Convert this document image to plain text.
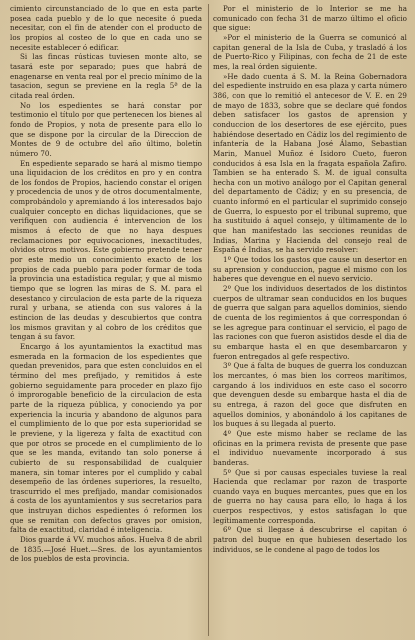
cimiento circunstanciado de lo que en esta parte posea cada pueblo y de lo que necesite ó pueda necesitar, con el fin de atender con el producto de los propios al costeo de lo que en cada uno se necesite establecer ó edificar.

Si las fincas rústicas tuviesen monte alto, se tasará este por separado; pues que habrá de enagenarse en venta real por el precio mínimo de la tasacion, segun se previene en la regla 5ª de la citada real órden.

No los espedientes se hará constar por testimonio el título por que pertenecen los bienes al fondo de Propios, y nota de presente para ello lo que se dispone por la circular de la Direccion de Montes de 9 de octubre del año último, boletín número 70.

En espediente separado se hará al mismo tiempo una liquidacion de los créditos en pro y en contra de los fondos de Propios, haciendo constar el origen y procedencia de unos y de otros documentalmente, comprobándolo y apremiando á los interesados bajo cualquier concepto en dichas liquidaciones, que se verifiquen con audiencia é intervencion de los mismos á efecto de que no haya despues reclamaciones por equivocaciones, inexactitudes, olvidos otros motivos. Este gobierno pretende tener por este medio un conocimiento exacto de los propios de cada pueblo para poder formar de toda la provincia una estadística regular, y que al mismo tiempo que se logren las miras de S. M. para el desestanco y circulacion de esta parte de la riqueza rural y urbana, se atienda con sus valores á la estincion de las deudas y descubiertos que contra los mismos gravitan y al cobro de los créditos que tengan á su favor.

Encargo á los ayuntamientos la exactitud mas esmerada en la formacion de los espedientes que quedan prevenidos, para que esten concluidos en el término del mes prefijado, y remitidos á este gobierno seguidamente para proceder en plazo fijo ó improrogable beneficio de la circulacion de esta parte de la riqueza pública, y conociendo ya por experiencia la incuria y abandono de algunos para el cumplimiento de lo que por esta superioridad se le previene, y la ligereza y falta de exactitud con que por otros se procede en el cumplimiento de lo que se les manda, evitando tan solo ponerse á cubierto de su responsabilidad de cualquier manera, sin tomar interes por el cumplido y cabal desempeño de las órdenes superiores, la resuelto, trascurrido el mes prefijado, mandar comisionados á costa de los ayuntamientos y sus secretarios para que instruyan dichos espedientes ó reformen los que se remitan con defectos graves por omision, falta de exactitud, claridad é inteligencia.

Dios guarde á VV. muchos años. Huelva 8 de abril de 1835.—José Huet.—Sres. de los ayuntamientos de los pueblos de esta provincia.

Por el ministerio de lo Interior se me ha comunicado con fecha 31 de marzo último el oficio que sigue:

»Por el ministerio de la Guerra se comunicó al capitan general de la Isla de Cuba, y trasladó á los de Puerto-Rico y Filipinas, con fecha de 21 de este mes, la real órden siguiente.

»He dado cuenta á S. M. la Reina Gobernadora del espediente instruido en esa plaza y carta número 386, con que lo remitió el antecesor de V. E. en 29 de mayo de 1833, sobre que se declare qué fondos deben satisfacer los gastos de aprension y conduccion de los desertores de ese ejército, pues habiéndose desertado en Cádiz los del regimiento de infantería de la Habana José Álamo, Sebastian Marin, Manuel Muñoz é Isidoro Cueto, fueron conducidos á esa Isla en la fragata española Zafiro. Tambien se ha enterado S. M. de igual consulta hecha con un motivo análogo por el Capitan general del departamento de Cádiz; y en su presencia, de cuanto informó en el particular el suprimido consejo de Guerra, lo espuesto por el tribunal supremo, que ha sustituido á aquel consejo, y últimamente de lo que han manifestado las secciones reunidas de Indias, Marina y Hacienda del consejo real de España é Indias, se ha servido resolver:

1º Que todos los gastos que cause un desertor en su aprension y conduccion, pague el mismo con los haberes que devengue en el nuevo servicio.

2º Que los individuos desertados de los distintos cuerpos de ultramar sean conducidos en los buques de guerra que salgan para aquellos dominios, siendo de cuenta de los regimientos á que correspondan ó se les agregue para continuar el servicio, el pago de las raciones con que fueron asistidos desde el dia de su embarque hasta el en que desembarcaron y fueron entregados al gefe respectivo.

3º Que á falta de buques de guerra los conduzcan los mercantes, ó mas bien los correos marítimos, cargando á los individuos en este caso el socorro que devenguen desde su embarque hasta el dia de su entrega, á razon del goce que disfruten en aquellos dominios, y abonándolo á los capitanes de los buques á su llegada al puerto.

4º Que este mismo haber se reclame de las oficinas en la primera revista de presente que pase el individuo nuevamente incorporado á sus banderas.

5º Que si por causas especiales tuviese la real Hacienda que reclamar por razon de trasporte cuando vaya en buques mercantes, pues que en los de guerra no hay causa para ello, lo haga á los cuerpos respectivos, y estos satisfagan lo que legítimamente corresponda.

6º Que si llegase á descubrirse el capitan ó patron del buque en que hubiesen desertado los individuos, se le condene al pago de todos los
